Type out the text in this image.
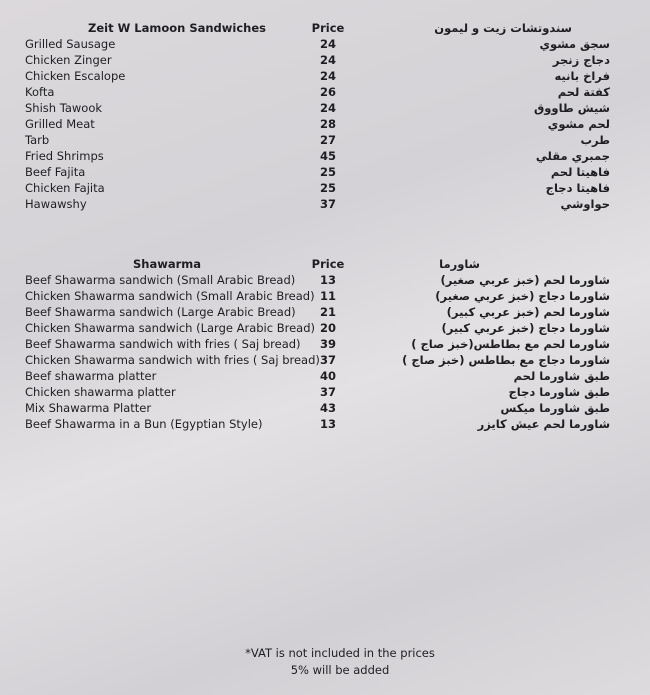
Zeit W Lamoon Sandwiches	Price	سندوتشات زيت و ليمون
Grilled Sausage	24	سجق مشوي
Chicken Zinger	24	دجاج زنجر
Chicken Escalope	24	فراخ بانيه
Kofta	26	كفتة لحم
Shish Tawook	24	شيش طاووق
Grilled Meat	28	لحم مشوي
Tarb	27	طرب
Fried Shrimps	45	جمبري مقلي
Beef Fajita	25	فاهيتا لحم
Chicken Fajita	25	فاهيتا دجاج
Hawawshy	37	حواوشي
Shawarma	Price	شاورما
Beef Shawarma sandwich (Small Arabic Bread)	13	شاورما لحم (خبز عربي صغير)
Chicken Shawarma sandwich (Small Arabic Bread) 11	شاورما دجاج (خبز عربي صغير)
Beef Shawarma sandwich (Large Arabic Bread)	21	شاورما لحم (خبز عربي كبير)
Chicken Shawarma sandwich (Large Arabic Bread) 20	شاورما دجاج (خبز عربي كبير)
Beef Shawarma sandwich with fries ( Saj bread)	39	شاورما لحم مع بطاطس(خبز صاج )
Chicken Shawarma sandwich with fries ( Saj bread) 37	شاورما دجاج مع بطاطس (خبز صاج )
Beef shawarma platter	40	طبق شاورما لحم
Chicken shawarma platter	37	طبق شاورما دجاج
Mix Shawarma Platter	43	طبق شاورما ميكس
Beef Shawarma in a Bun (Egyptian Style)	13	شاورما لحم عيش كايزر
*VAT is not included in the prices
5% will be added
